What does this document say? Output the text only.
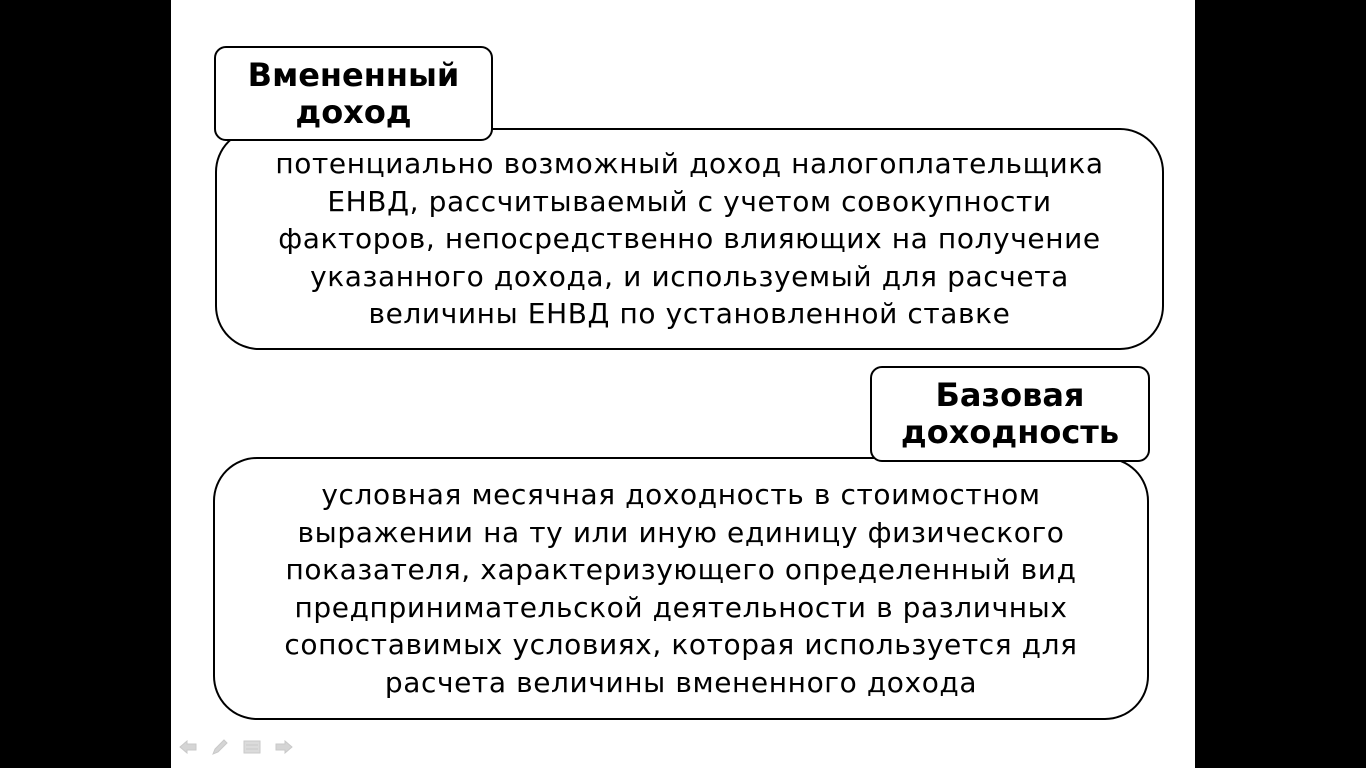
Вмененный доход
потенциально возможный доход налогоплательщика ЕНВД, рассчитываемый с учетом совокупности факторов, непосредственно влияющих на получение указанного дохода, и используемый для расчета величины ЕНВД по установленной ставке
Базовая доходность
условная месячная доходность в стоимостном выражении на ту или иную единицу физического показателя, характеризующего определенный вид предпринимательской деятельности в различных сопоставимых условиях, которая используется для расчета величины вмененного дохода
